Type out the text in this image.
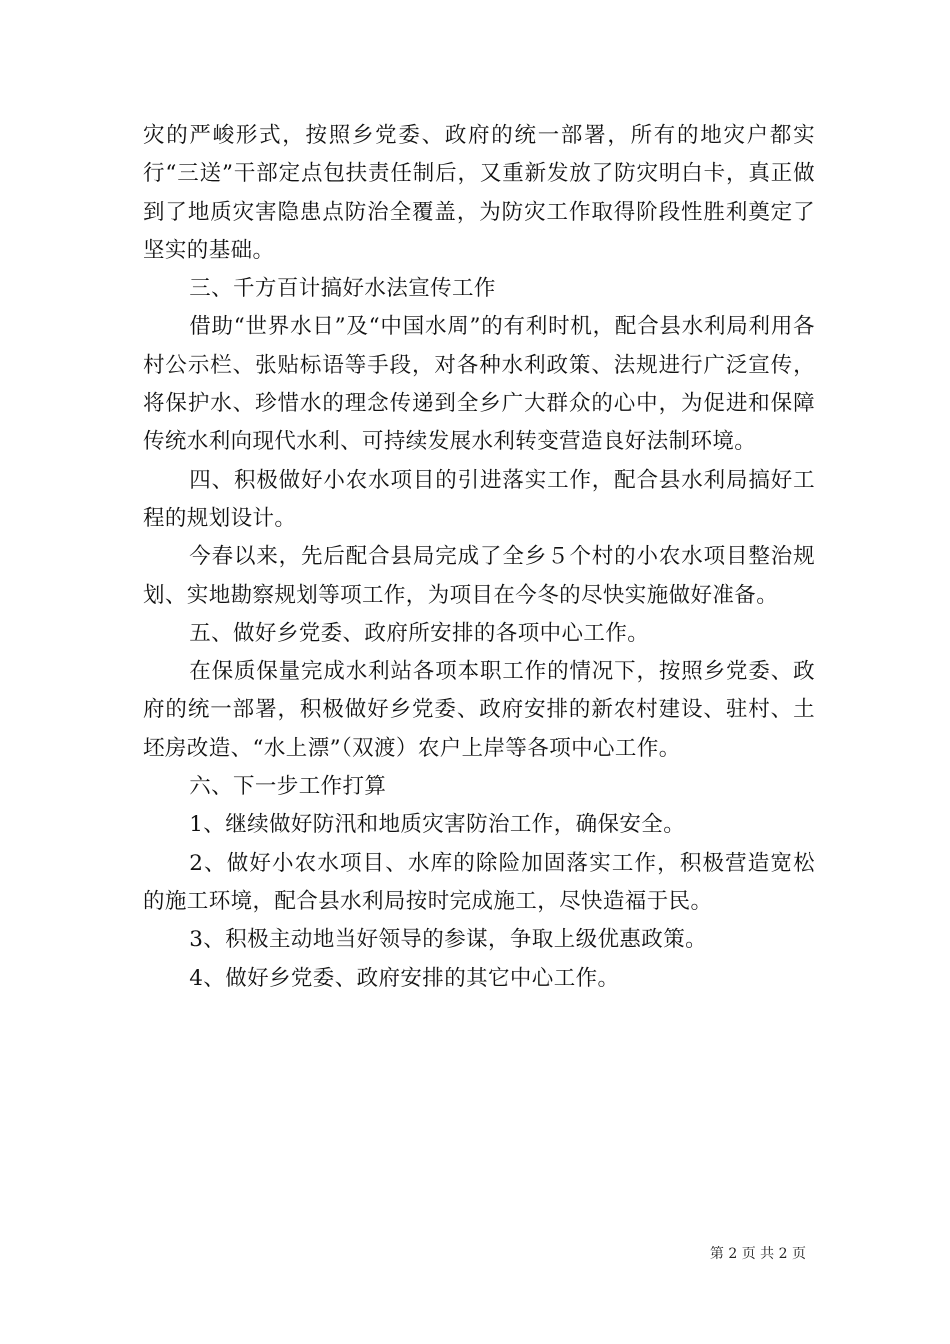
灾的严峻形式，按照乡党委、政府的统一部署，所有的地灾户都实行“三送”干部定点包扶责任制后，又重新发放了防灾明白卡，真正做到了地质灾害隐患点防治全覆盖，为防灾工作取得阶段性胜利奠定了坚实的基础。

三、千方百计搞好水法宣传工作

借助“世界水日”及“中国水周”的有利时机，配合县水利局利用各村公示栏、张贴标语等手段，对各种水利政策、法规进行广泛宣传，将保护水、珍惜水的理念传递到全乡广大群众的心中，为促进和保障传统水利向现代水利、可持续发展水利转变营造良好法制环境。

四、积极做好小农水项目的引进落实工作，配合县水利局搞好工程的规划设计。

今春以来，先后配合县局完成了全乡５个村的小农水项目整治规划、实地勘察规划等项工作，为项目在今冬的尽快实施做好准备。

五、做好乡党委、政府所安排的各项中心工作。

在保质保量完成水利站各项本职工作的情况下，按照乡党委、政府的统一部署，积极做好乡党委、政府安排的新农村建设、驻村、土坯房改造、“水上漂”（双渡）农户上岸等各项中心工作。

六、下一步工作打算

1、继续做好防汛和地质灾害防治工作，确保安全。

2、做好小农水项目、水库的除险加固落实工作，积极营造宽松的施工环境，配合县水利局按时完成施工，尽快造福于民。

3、积极主动地当好领导的参谋，争取上级优惠政策。

4、做好乡党委、政府安排的其它中心工作。

第 2 页 共 2 页
